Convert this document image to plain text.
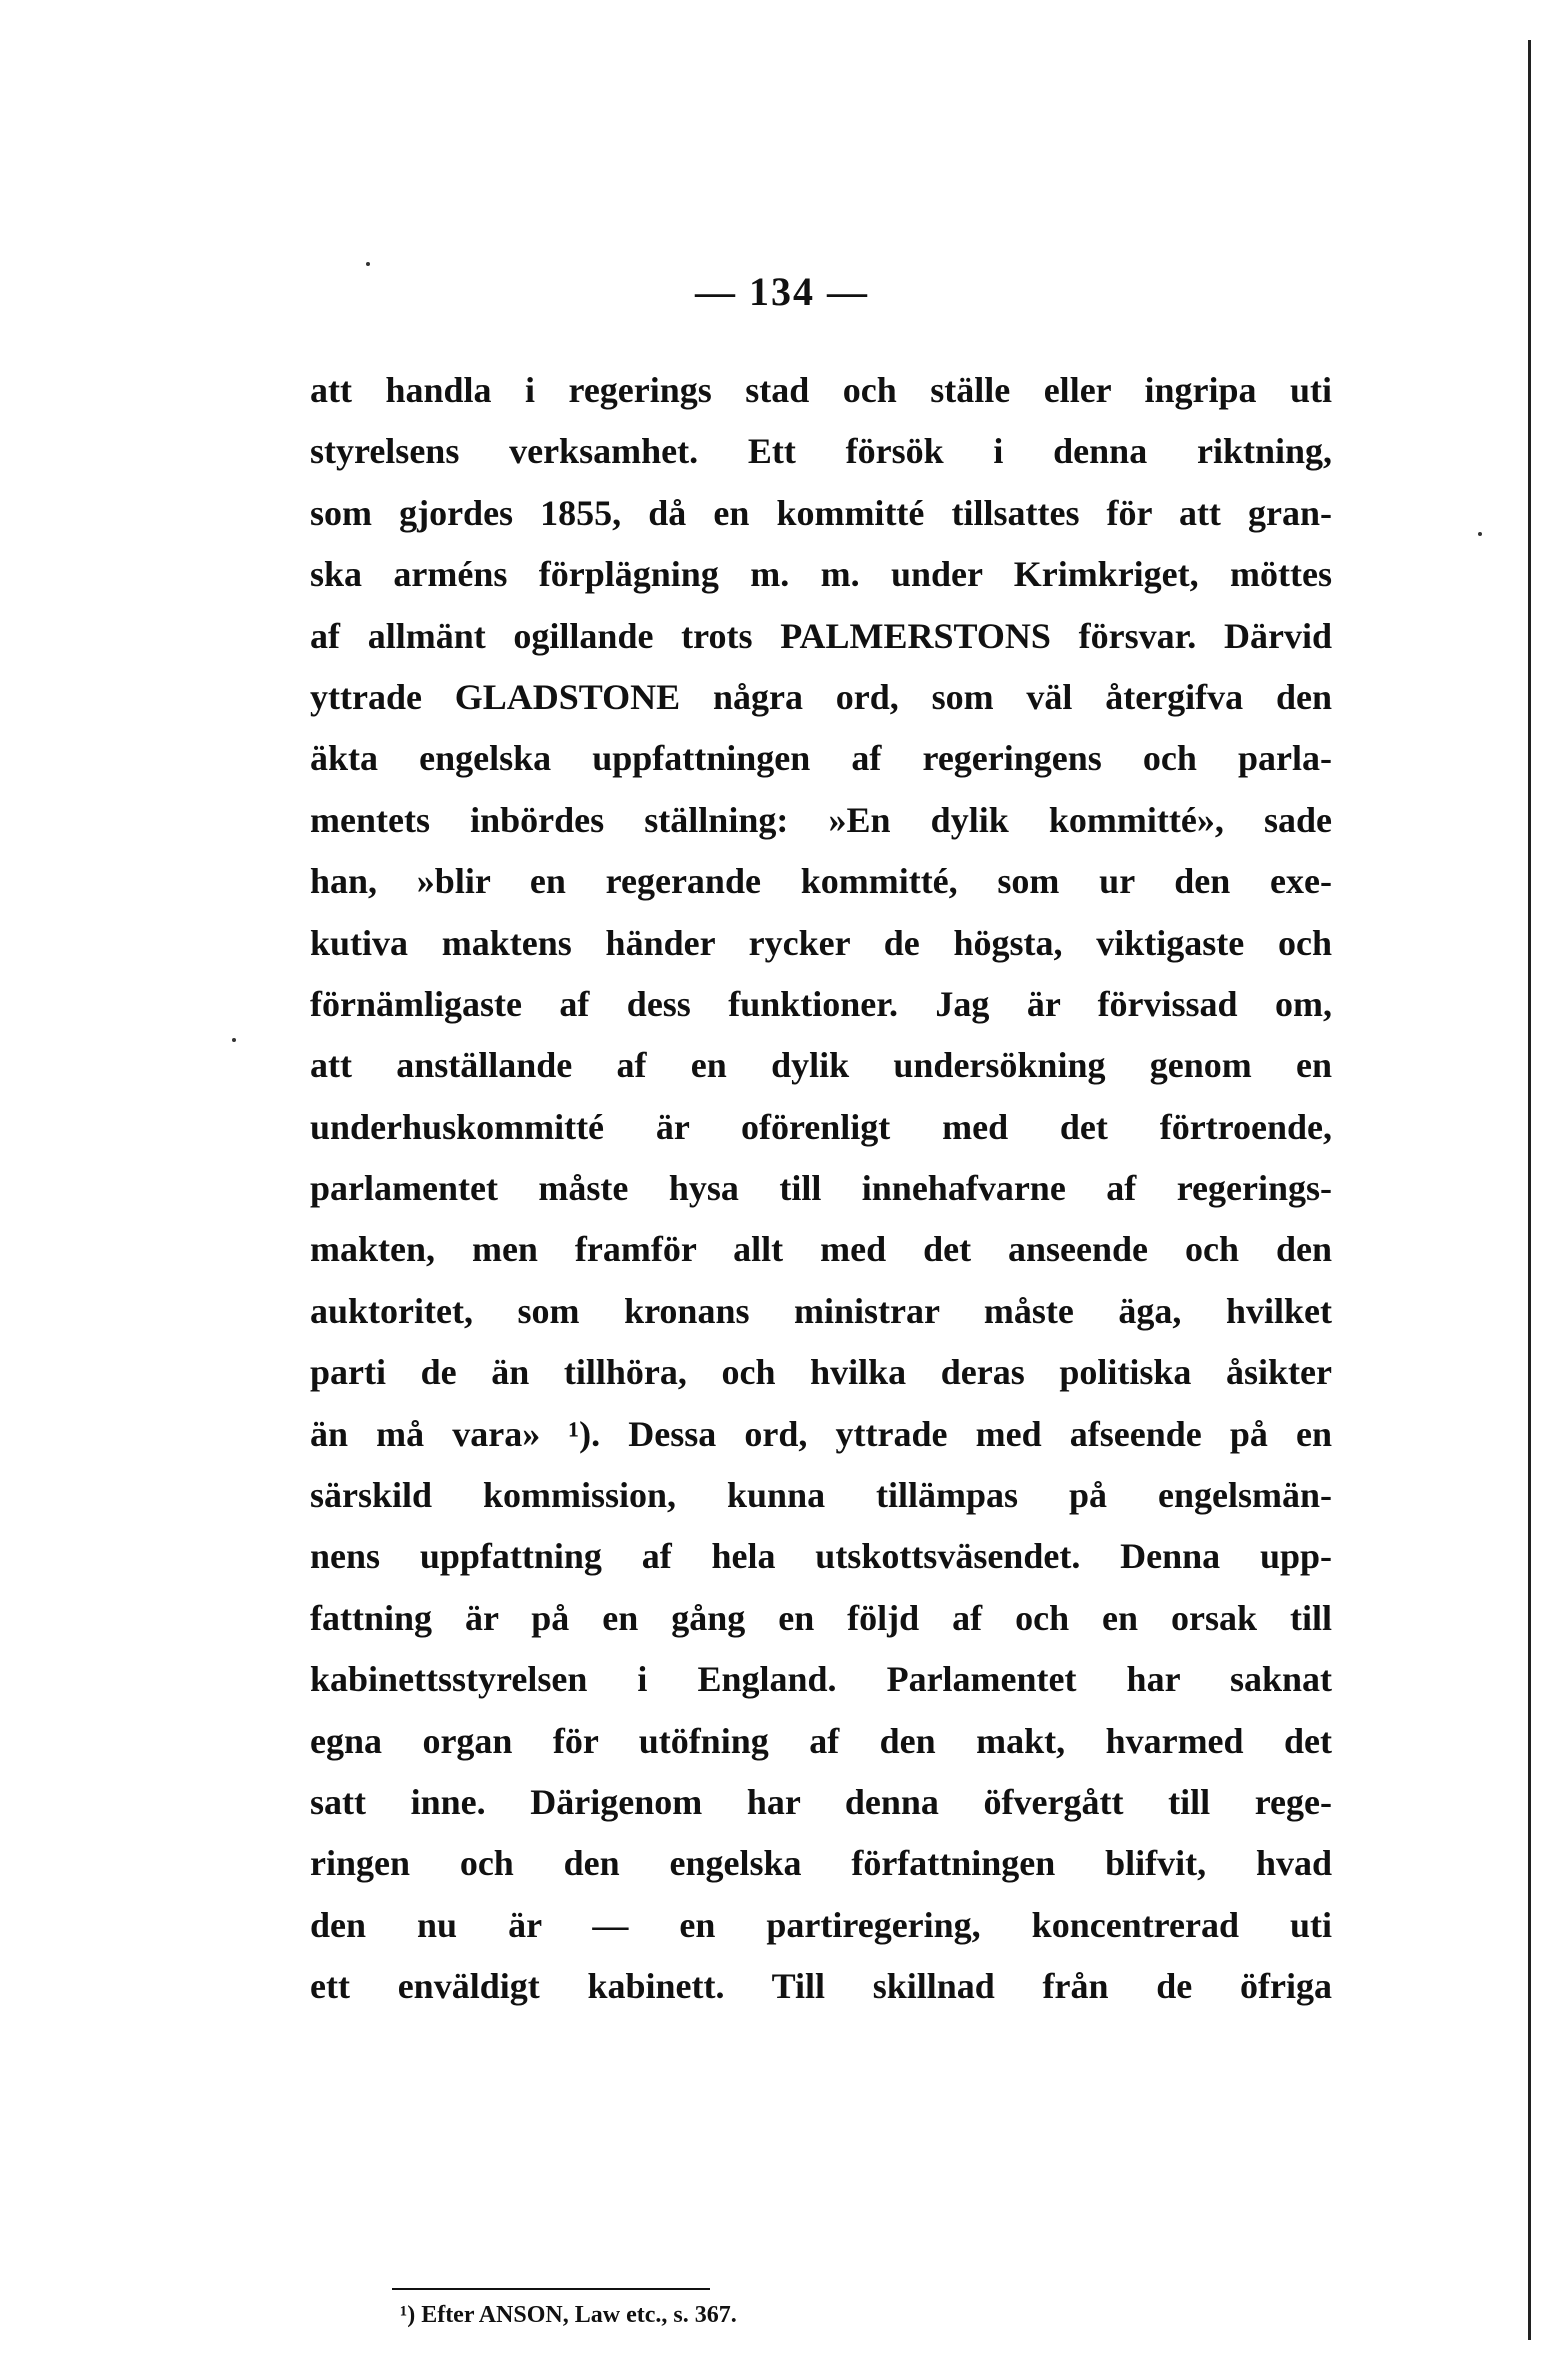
— 134 —
att handla i regerings stad och ställe eller ingripa uti
styrelsens verksamhet. Ett försök i denna riktning,
som gjordes 1855, då en kommitté tillsattes för att gran-
ska arméns förplägning m. m. under Krimkriget, möttes
af allmänt ogillande trots PALMERSTONS försvar. Därvid
yttrade GLADSTONE några ord, som väl återgifva den
äkta engelska uppfattningen af regeringens och parla-
mentets inbördes ställning: »En dylik kommitté», sade
han, »blir en regerande kommitté, som ur den exe-
kutiva maktens händer rycker de högsta, viktigaste och
förnämligaste af dess funktioner. Jag är förvissad om,
att anställande af en dylik undersökning genom en
underhuskommitté är oförenligt med det förtroende,
parlamentet måste hysa till innehafvarne af regerings-
makten, men framför allt med det anseende och den
auktoritet, som kronans ministrar måste äga, hvilket
parti de än tillhöra, och hvilka deras politiska åsikter
än må vara» ¹). Dessa ord, yttrade med afseende på en
särskild kommission, kunna tillämpas på engelsmän-
nens uppfattning af hela utskottsväsendet. Denna upp-
fattning är på en gång en följd af och en orsak till
kabinettsstyrelsen i England. Parlamentet har saknat
egna organ för utöfning af den makt, hvarmed det
satt inne. Därigenom har denna öfvergått till rege-
ringen och den engelska författningen blifvit, hvad
den nu är — en partiregering, koncentrerad uti
ett enväldigt kabinett. Till skillnad från de öfriga
¹) Efter ANSON, Law etc., s. 367.
